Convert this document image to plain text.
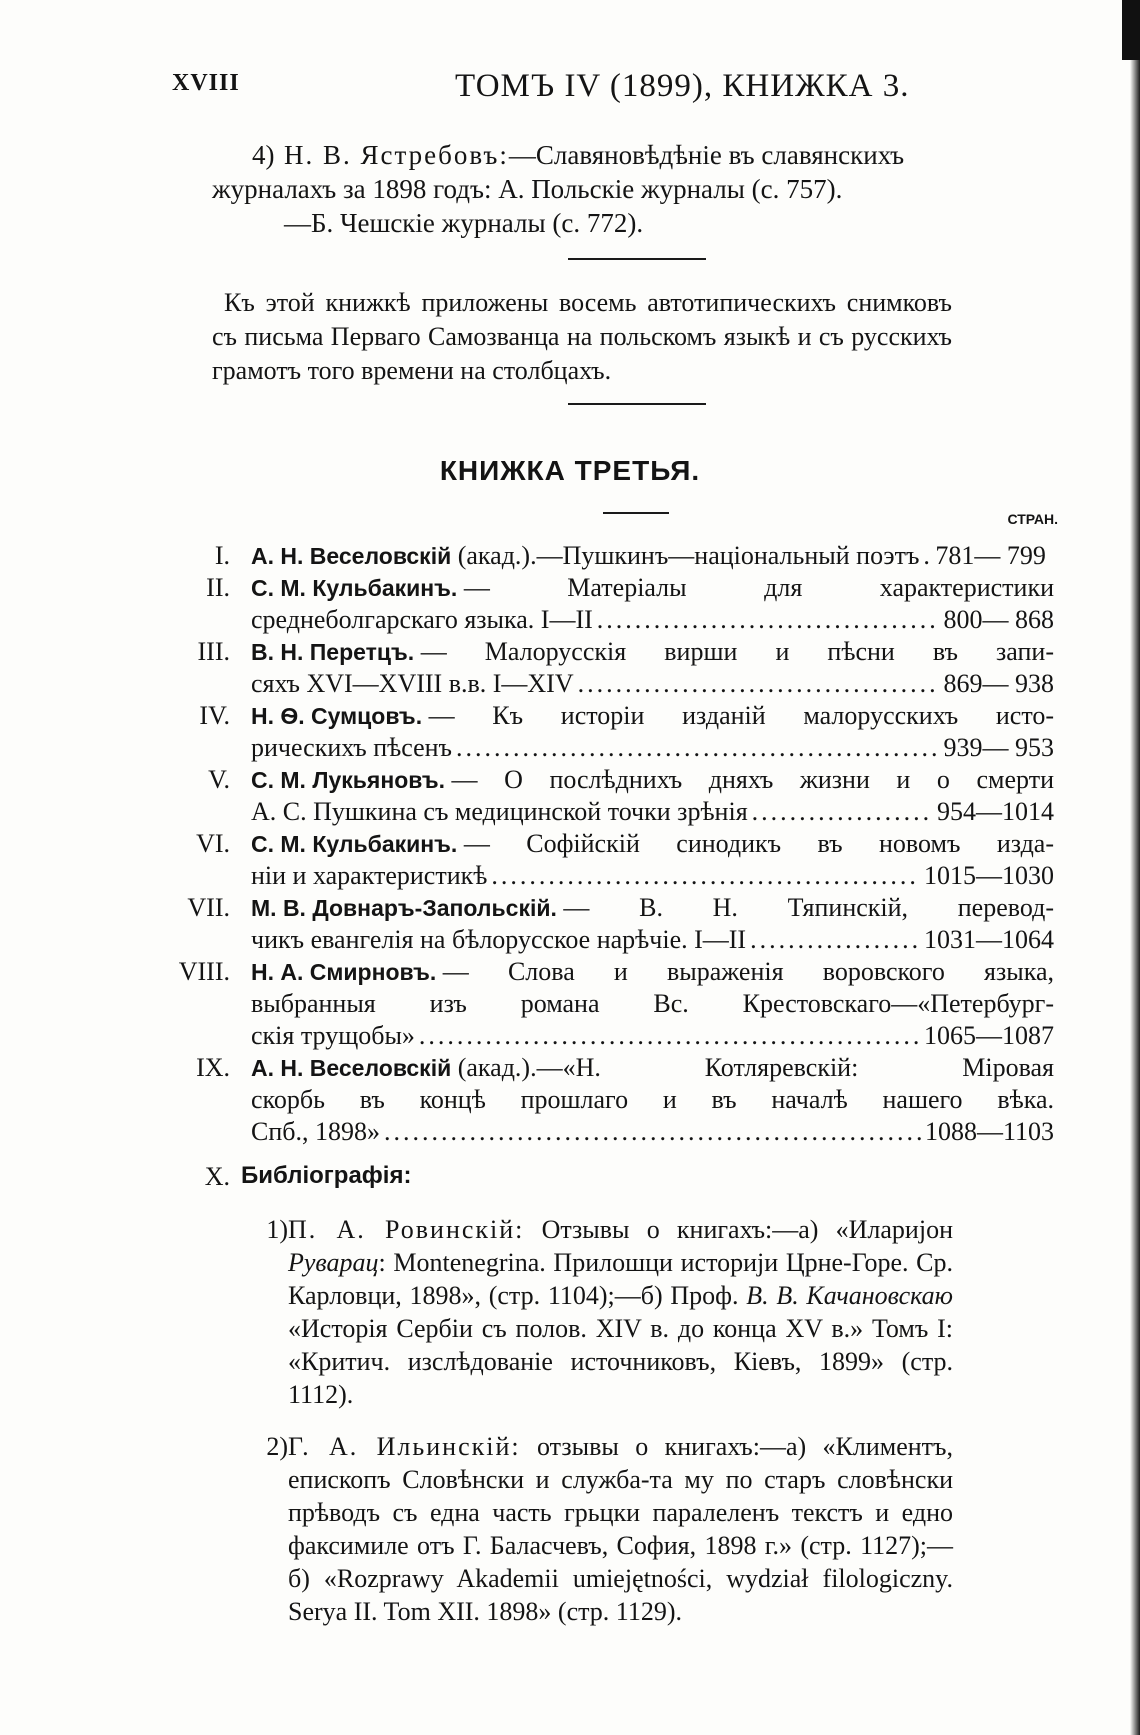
XVIII	ТОМЪ IV (1899), КНИЖКА 3.
4) Н. В. Ястребовъ:—Славяновѣдѣніе въ славянскихъ
журналахъ за 1898 годъ: А. Польскіе журналы (с. 757).
—Б. Чешскіе журналы (с. 772).

Къ этой книжкѣ приложены восемь автотипическихъ снимковъ съ письма Перваго Самозванца на польскомъ языкѣ и съ русскихъ грамотъ того времени на столбцахъ.

КНИЖКА ТРЕТЬЯ.
СТРАН.
I. А. Н. Веселовскій
(акад.).—Пушкинъ—національный поэтъ ..... 781— 799
II. С. М. Кульбакинъ.
— Матеріалы для характеристики
среднеболгарскаго языка. I—II .....	800— 868
III. В. Н. Перетцъ.
— Малорусскія вирши и пѣсни въ запи-
сяхъ XVI—XVIII в.в. I—XIV .....	869— 938
IV. Н. Ѳ. Сумцовъ.
— Къ исторіи изданій малорусскихъ исто-
рическихъ пѣсенъ .....	939— 953
V. С. М. Лукьяновъ.
— О послѣднихъ дняхъ жизни и о смерти
А. С. Пушкина съ медицинской точки зрѣнія .....	954—1014
VI. С. М. Кульбакинъ.
— Софійскій синодикъ въ новомъ изда-
ніи и характеристикѣ .....	1015—1030
VII. М. В. Довнаръ-Запольскій.
— В. Н. Тяпинскій, перевод-
чикъ евангелія на бѣлорусское нарѣчіе. I—II .....	1031—1064
VIII. Н. А. Смирновъ.
— Слова и выраженія воровского языка,
выбранныя изъ романа Вс. Крестовскаго—«Петербург-
скія трущобы» .....	1065—1087
IX. А. Н. Веселовскій
(акад.).—«Н. Котляревскій: Міровая
скорбь въ концѣ прошлаго и въ началѣ нашего вѣка.
Спб., 1898» .....	1088—1103
X. Библіографія:
1) П. А. Ровинскій: Отзывы о книгахъ:—а) «Иларијон Руварац: Montenegrina. Прилошци историји Црне-Горе. Ср. Карловци, 1898», (стр. 1104);—б) Проф. В. В. Качановскаю «Исторія Сербіи съ полов. XIV в. до конца XV в.» Томъ I: «Критич. изслѣдованіе источниковъ, Кіевъ, 1899» (стр. 1112).
2) Г. А. Ильинскій: отзывы о книгахъ:—а) «Климентъ, епископъ Словѣнски и служба-та му по старъ словѣнски прѣводъ съ една часть грьцки паралеленъ текстъ и едно факсимиле отъ Г. Баласчевъ, София, 1898 г.» (стр. 1127);—б) «Rozprawy Akademii umiejętności, wydział filologiczny. Serya II. Tom XII. 1898» (стр. 1129).
